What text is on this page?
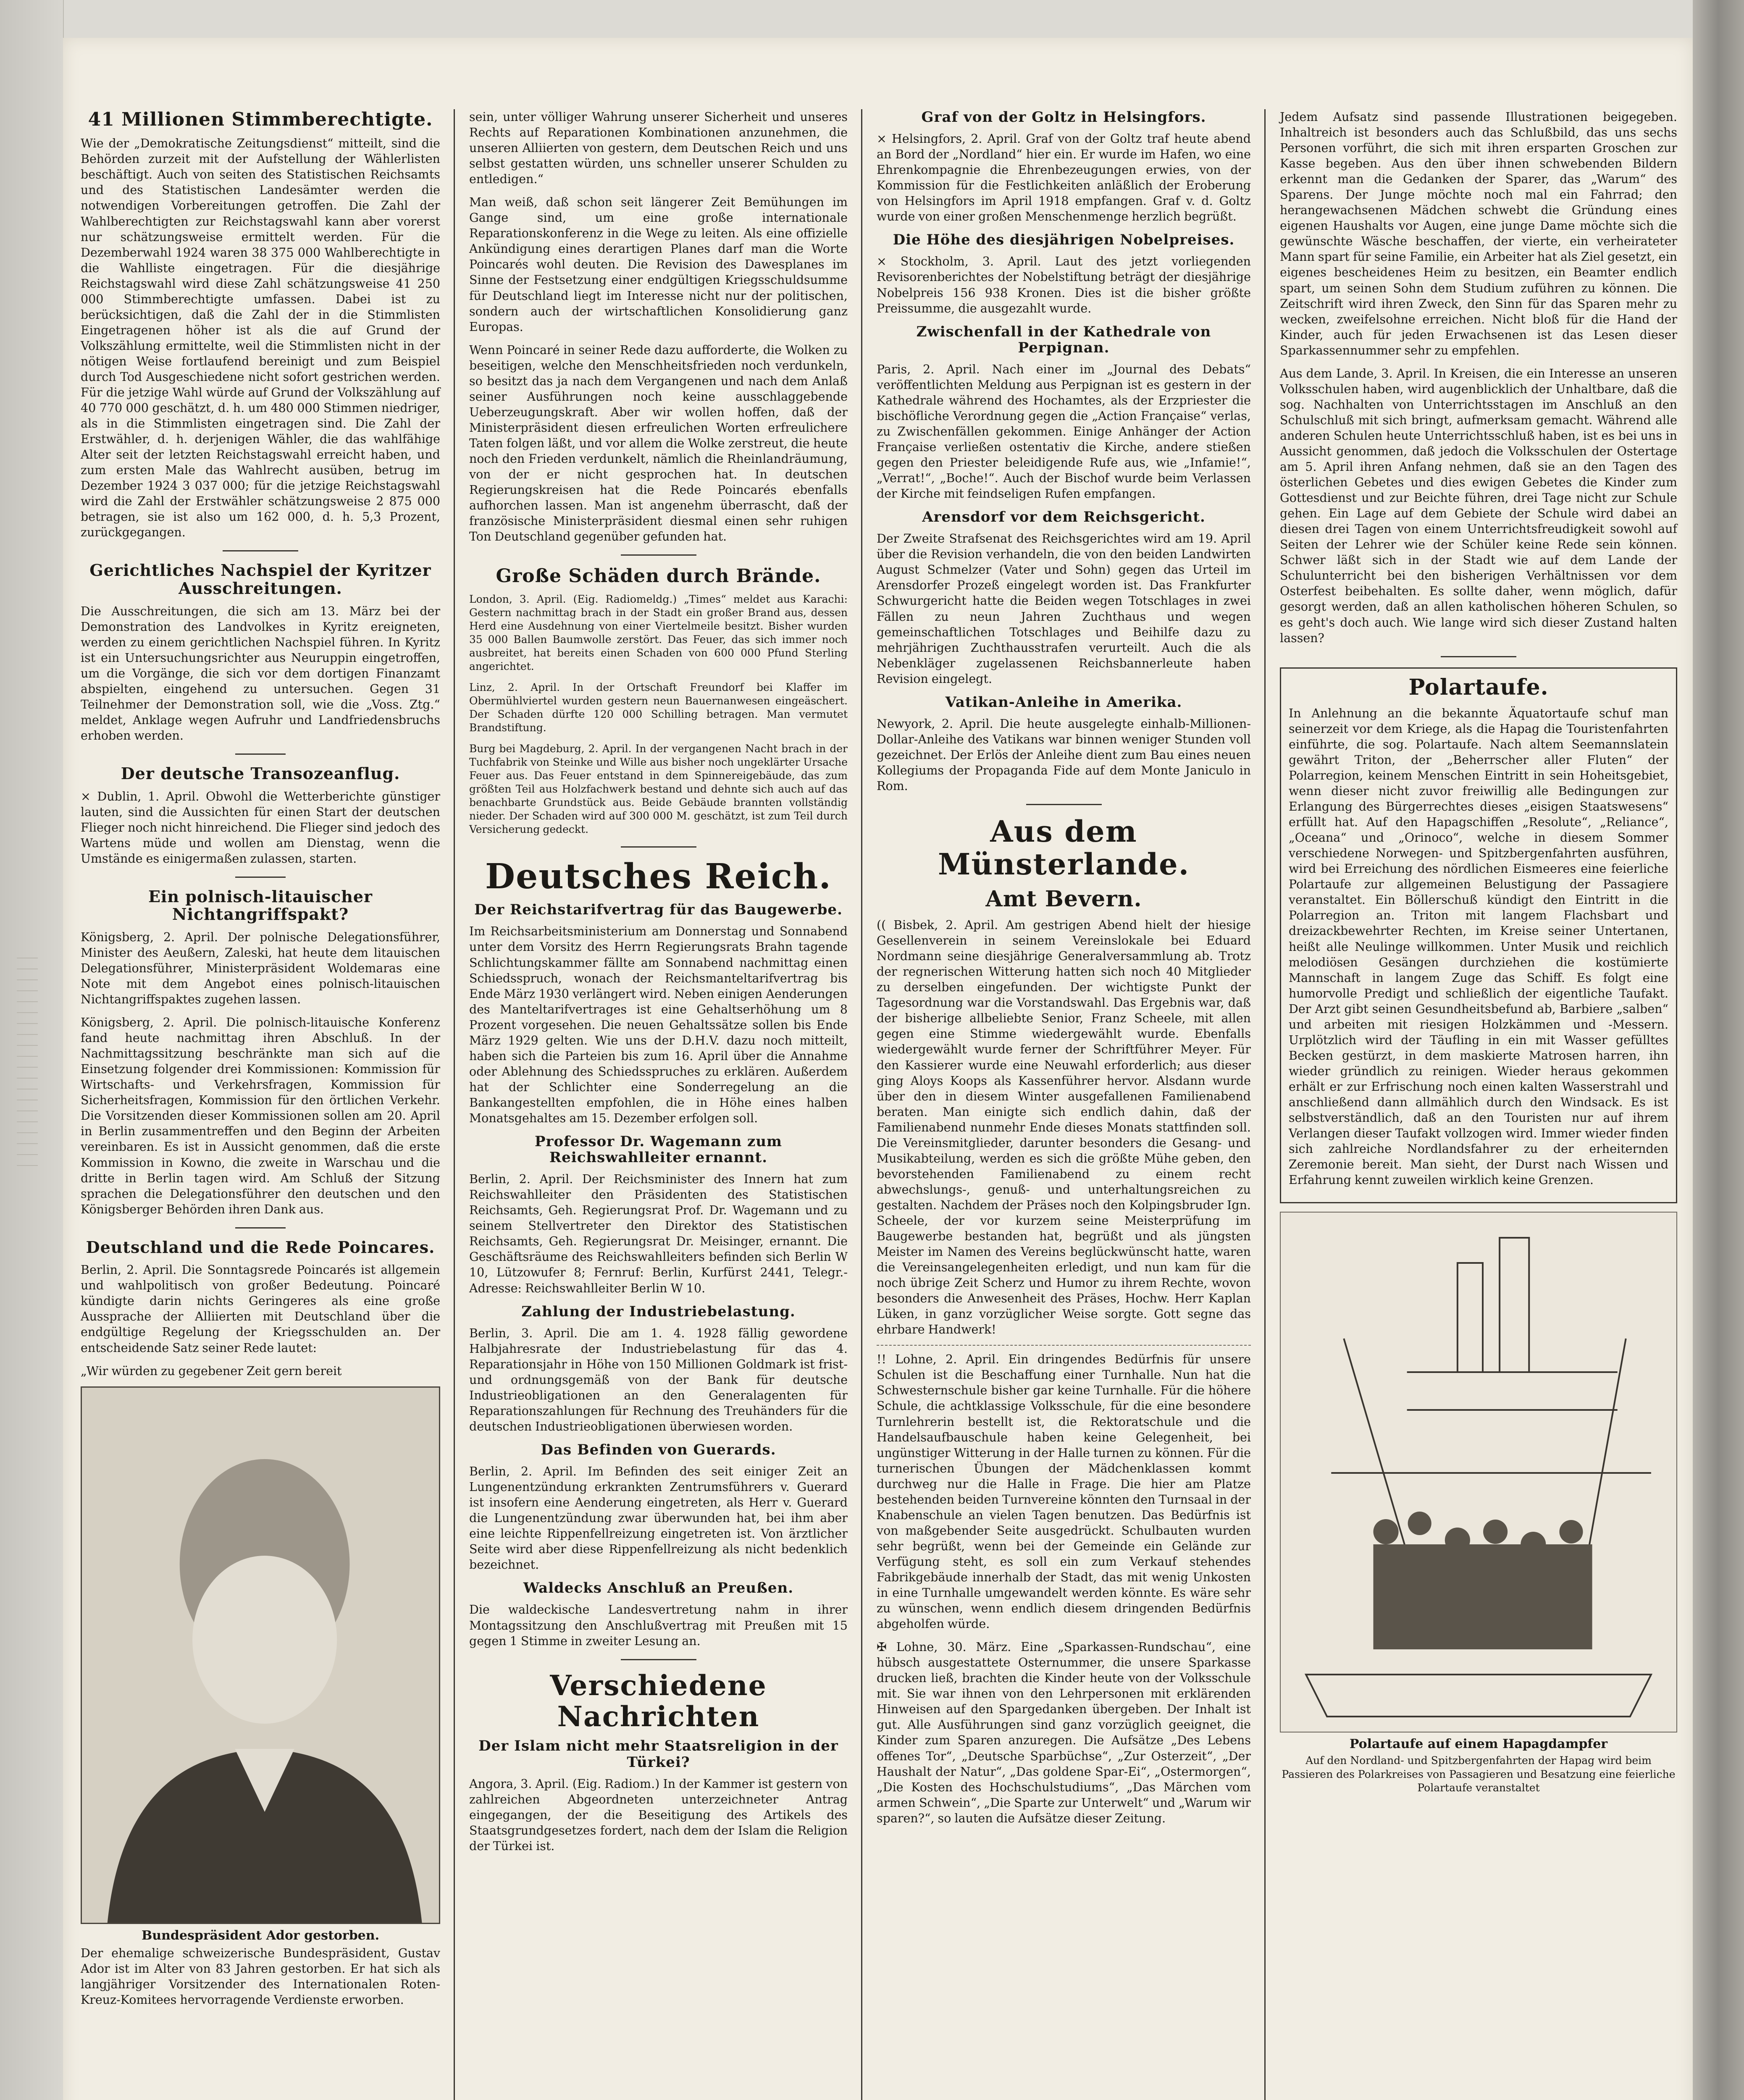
41 Millionen Stimmberechtigte.

Wie der „Demokratische Zeitungsdienst“ mitteilt, sind die Behörden zurzeit mit der Aufstellung der Wählerlisten beschäftigt. Auch von seiten des Statistischen Reichsamts und des Statistischen Landesämter werden die notwendigen Vorbereitungen getroffen. Die Zahl der Wahlberechtigten zur Reichstagswahl kann aber vorerst nur schätzungsweise ermittelt werden. Für die Dezemberwahl 1924 waren 38 375 000 Wahlberechtigte in die Wahlliste eingetragen. Für die diesjährige Reichstagswahl wird diese Zahl schätzungsweise 41 250 000 Stimmberechtigte umfassen. Dabei ist zu berücksichtigen, daß die Zahl der in die Stimmlisten Eingetragenen höher ist als die auf Grund der Volkszählung ermittelte, weil die Stimmlisten nicht in der nötigen Weise fortlaufend bereinigt und zum Beispiel durch Tod Ausgeschiedene nicht sofort gestrichen werden. Für die jetzige Wahl würde auf Grund der Volkszählung auf 40 770 000 geschätzt, d. h. um 480 000 Stimmen niedriger, als in die Stimmlisten eingetragen sind. Die Zahl der Erstwähler, d. h. derjenigen Wähler, die das wahlfähige Alter seit der letzten Reichstagswahl erreicht haben, und zum ersten Male das Wahlrecht ausüben, betrug im Dezember 1924 3 037 000; für die jetzige Reichstagswahl wird die Zahl der Erstwähler schätzungsweise 2 875 000 betragen, sie ist also um 162 000, d. h. 5,3 Prozent, zurückgegangen.

Gerichtliches Nachspiel der Kyritzer Ausschreitungen.

Die Ausschreitungen, die sich am 13. März bei der Demonstration des Landvolkes in Kyritz ereigneten, werden zu einem gerichtlichen Nachspiel führen. In Kyritz ist ein Untersuchungsrichter aus Neuruppin eingetroffen, um die Vorgänge, die sich vor dem dortigen Finanzamt abspielten, eingehend zu untersuchen. Gegen 31 Teilnehmer der Demonstration soll, wie die „Voss. Ztg.“ meldet, Anklage wegen Aufruhr und Landfriedensbruchs erhoben werden.

Der deutsche Transozeanflug.

× Dublin, 1. April. Obwohl die Wetterberichte günstiger lauten, sind die Aussichten für einen Start der deutschen Flieger noch nicht hinreichend. Die Flieger sind jedoch des Wartens müde und wollen am Dienstag, wenn die Umstände es einigermaßen zulassen, starten.

Ein polnisch-litauischer Nichtangriffspakt?

Königsberg, 2. April. Der polnische Delegationsführer, Minister des Aeußern, Zaleski, hat heute dem litauischen Delegationsführer, Ministerpräsident Woldemaras eine Note mit dem Angebot eines polnisch-litauischen Nichtangriffspaktes zugehen lassen.

Königsberg, 2. April. Die polnisch-litauische Konferenz fand heute nachmittag ihren Abschluß. In der Nachmittagssitzung beschränkte man sich auf die Einsetzung folgender drei Kommissionen: Kommission für Wirtschafts- und Verkehrsfragen, Kommission für Sicherheitsfragen, Kommission für den örtlichen Verkehr. Die Vorsitzenden dieser Kommissionen sollen am 20. April in Berlin zusammentreffen und den Beginn der Arbeiten vereinbaren. Es ist in Aussicht genommen, daß die erste Kommission in Kowno, die zweite in Warschau und die dritte in Berlin tagen wird. Am Schluß der Sitzung sprachen die Delegationsführer den deutschen und den Königsberger Behörden ihren Dank aus.

Deutschland und die Rede Poincares.

Berlin, 2. April. Die Sonntagsrede Poincarés ist allgemein und wahlpolitisch von großer Bedeutung. Poincaré kündigte darin nichts Geringeres als eine große Aussprache der Alliierten mit Deutschland über die endgültige Regelung der Kriegsschulden an. Der entscheidende Satz seiner Rede lautet:

„Wir würden zu gegebener Zeit gern bereit

Bundespräsident Ador gestorben.

Der ehemalige schweizerische Bundespräsident, Gustav Ador ist im Alter von 83 Jahren gestorben. Er hat sich als langjähriger Vorsitzender des Internationalen Roten-Kreuz-Komitees hervorragende Verdienste erworben.

sein, unter völliger Wahrung unserer Sicherheit und unseres Rechts auf Reparationen Kombinationen anzunehmen, die unseren Alliierten von gestern, dem Deutschen Reich und uns selbst gestatten würden, uns schneller unserer Schulden zu entledigen.“

Man weiß, daß schon seit längerer Zeit Bemühungen im Gange sind, um eine große internationale Reparationskonferenz in die Wege zu leiten. Als eine offizielle Ankündigung eines derartigen Planes darf man die Worte Poincarés wohl deuten. Die Revision des Dawesplanes im Sinne der Festsetzung einer endgültigen Kriegsschuldsumme für Deutschland liegt im Interesse nicht nur der politischen, sondern auch der wirtschaftlichen Konsolidierung ganz Europas.

Wenn Poincaré in seiner Rede dazu aufforderte, die Wolken zu beseitigen, welche den Menschheitsfrieden noch verdunkeln, so besitzt das ja nach dem Vergangenen und nach dem Anlaß seiner Ausführungen noch keine ausschlaggebende Ueberzeugungskraft. Aber wir wollen hoffen, daß der Ministerpräsident diesen erfreulichen Worten erfreulichere Taten folgen läßt, und vor allem die Wolke zerstreut, die heute noch den Frieden verdunkelt, nämlich die Rheinlandräumung, von der er nicht gesprochen hat. In deutschen Regierungskreisen hat die Rede Poincarés ebenfalls aufhorchen lassen. Man ist angenehm überrascht, daß der französische Ministerpräsident diesmal einen sehr ruhigen Ton Deutschland gegenüber gefunden hat.

Große Schäden durch Brände.

London, 3. April. (Eig. Radiomeldg.) „Times“ meldet aus Karachi: Gestern nachmittag brach in der Stadt ein großer Brand aus, dessen Herd eine Ausdehnung von einer Viertelmeile besitzt. Bisher wurden 35 000 Ballen Baumwolle zerstört. Das Feuer, das sich immer noch ausbreitet, hat bereits einen Schaden von 600 000 Pfund Sterling angerichtet.

Linz, 2. April. In der Ortschaft Freundorf bei Klaffer im Obermühlviertel wurden gestern neun Bauernanwesen eingeäschert. Der Schaden dürfte 120 000 Schilling betragen. Man vermutet Brandstiftung.

Burg bei Magdeburg, 2. April. In der vergangenen Nacht brach in der Tuchfabrik von Steinke und Wille aus bisher noch ungeklärter Ursache Feuer aus. Das Feuer entstand in dem Spinnereigebäude, das zum größten Teil aus Holzfachwerk bestand und dehnte sich auch auf das benachbarte Grundstück aus. Beide Gebäude brannten vollständig nieder. Der Schaden wird auf 300 000 M. geschätzt, ist zum Teil durch Versicherung gedeckt.

Deutsches Reich.
Der Reichstarifvertrag für das Baugewerbe.

Im Reichsarbeitsministerium am Donnerstag und Sonnabend unter dem Vorsitz des Herrn Regierungsrats Brahn tagende Schlichtungskammer fällte am Sonnabend nachmittag einen Schiedsspruch, wonach der Reichsmanteltarifvertrag bis Ende März 1930 verlängert wird. Neben einigen Aenderungen des Manteltarifvertrages ist eine Gehaltserhöhung um 8 Prozent vorgesehen. Die neuen Gehaltssätze sollen bis Ende März 1929 gelten. Wie uns der D.H.V. dazu noch mitteilt, haben sich die Parteien bis zum 16. April über die Annahme oder Ablehnung des Schiedsspruches zu erklären. Außerdem hat der Schlichter eine Sonderregelung an die Bankangestellten empfohlen, die in Höhe eines halben Monatsgehaltes am 15. Dezember erfolgen soll.

Professor Dr. Wagemann zum Reichswahlleiter ernannt.

Berlin, 2. April. Der Reichsminister des Innern hat zum Reichswahlleiter den Präsidenten des Statistischen Reichsamts, Geh. Regierungsrat Prof. Dr. Wagemann und zu seinem Stellvertreter den Direktor des Statistischen Reichsamts, Geh. Regierungsrat Dr. Meisinger, ernannt. Die Geschäftsräume des Reichswahlleiters befinden sich Berlin W 10, Lützowufer 8; Fernruf: Berlin, Kurfürst 2441, Telegr.-Adresse: Reichswahlleiter Berlin W 10.

Zahlung der Industriebelastung.

Berlin, 3. April. Die am 1. 4. 1928 fällig gewordene Halbjahresrate der Industriebelastung für das 4. Reparationsjahr in Höhe von 150 Millionen Goldmark ist frist- und ordnungsgemäß von der Bank für deutsche Industrieobligationen an den Generalagenten für Reparationszahlungen für Rechnung des Treuhänders für die deutschen Industrieobligationen überwiesen worden.

Das Befinden von Guerards.

Berlin, 2. April. Im Befinden des seit einiger Zeit an Lungenentzündung erkrankten Zentrumsführers v. Guerard ist insofern eine Aenderung eingetreten, als Herr v. Guerard die Lungenentzündung zwar überwunden hat, bei ihm aber eine leichte Rippenfellreizung eingetreten ist. Von ärztlicher Seite wird aber diese Rippenfellreizung als nicht bedenklich bezeichnet.

Waldecks Anschluß an Preußen.

Die waldeckische Landesvertretung nahm in ihrer Montagssitzung den Anschlußvertrag mit Preußen mit 15 gegen 1 Stimme in zweiter Lesung an.

Verschiedene Nachrichten
Der Islam nicht mehr Staatsreligion in der Türkei?

Angora, 3. April. (Eig. Radiom.) In der Kammer ist gestern von zahlreichen Abgeordneten unterzeichneter Antrag eingegangen, der die Beseitigung des Artikels des Staatsgrundgesetzes fordert, nach dem der Islam die Religion der Türkei ist.

Graf von der Goltz in Helsingfors.

× Helsingfors, 2. April. Graf von der Goltz traf heute abend an Bord der „Nordland“ hier ein. Er wurde im Hafen, wo eine Ehrenkompagnie die Ehrenbezeugungen erwies, von der Kommission für die Festlichkeiten anläßlich der Eroberung von Helsingfors im April 1918 empfangen. Graf v. d. Goltz wurde von einer großen Menschenmenge herzlich begrüßt.

Die Höhe des diesjährigen Nobelpreises.

× Stockholm, 3. April. Laut des jetzt vorliegenden Revisorenberichtes der Nobelstiftung beträgt der diesjährige Nobelpreis 156 938 Kronen. Dies ist die bisher größte Preissumme, die ausgezahlt wurde.

Zwischenfall in der Kathedrale von Perpignan.

Paris, 2. April. Nach einer im „Journal des Debats“ veröffentlichten Meldung aus Perpignan ist es gestern in der Kathedrale während des Hochamtes, als der Erzpriester die bischöfliche Verordnung gegen die „Action Française“ verlas, zu Zwischenfällen gekommen. Einige Anhänger der Action Française verließen ostentativ die Kirche, andere stießen gegen den Priester beleidigende Rufe aus, wie „Infamie!“, „Verrat!“, „Boche!“. Auch der Bischof wurde beim Verlassen der Kirche mit feindseligen Rufen empfangen.

Arensdorf vor dem Reichsgericht.

Der Zweite Strafsenat des Reichsgerichtes wird am 19. April über die Revision verhandeln, die von den beiden Landwirten August Schmelzer (Vater und Sohn) gegen das Urteil im Arensdorfer Prozeß eingelegt worden ist. Das Frankfurter Schwurgericht hatte die Beiden wegen Totschlages in zwei Fällen zu neun Jahren Zuchthaus und wegen gemeinschaftlichen Totschlages und Beihilfe dazu zu mehrjährigen Zuchthausstrafen verurteilt. Auch die als Nebenkläger zugelassenen Reichsbannerleute haben Revision eingelegt.

Vatikan-Anleihe in Amerika.

Newyork, 2. April. Die heute ausgelegte einhalb-Millionen-Dollar-Anleihe des Vatikans war binnen weniger Stunden voll gezeichnet. Der Erlös der Anleihe dient zum Bau eines neuen Kollegiums der Propaganda Fide auf dem Monte Janiculo in Rom.

Aus dem Münsterlande.
Amt Bevern.

(( Bisbek, 2. April. Am gestrigen Abend hielt der hiesige Gesellenverein in seinem Vereinslokale bei Eduard Nordmann seine diesjährige Generalversammlung ab. Trotz der regnerischen Witterung hatten sich noch 40 Mitglieder zu derselben eingefunden. Der wichtigste Punkt der Tagesordnung war die Vorstandswahl. Das Ergebnis war, daß der bisherige allbeliebte Senior, Franz Scheele, mit allen gegen eine Stimme wiedergewählt wurde. Ebenfalls wiedergewählt wurde ferner der Schriftführer Meyer. Für den Kassierer wurde eine Neuwahl erforderlich; aus dieser ging Aloys Koops als Kassenführer hervor. Alsdann wurde über den in diesem Winter ausgefallenen Familienabend beraten. Man einigte sich endlich dahin, daß der Familienabend nunmehr Ende dieses Monats stattfinden soll. Die Vereinsmitglieder, darunter besonders die Gesang- und Musikabteilung, werden es sich die größte Mühe geben, den bevorstehenden Familienabend zu einem recht abwechslungs-, genuß- und unterhaltungsreichen zu gestalten. Nachdem der Präses noch den Kolpingsbruder Ign. Scheele, der vor kurzem seine Meisterprüfung im Baugewerbe bestanden hat, begrüßt und als jüngsten Meister im Namen des Vereins beglückwünscht hatte, waren die Vereinsangelegenheiten erledigt, und nun kam für die noch übrige Zeit Scherz und Humor zu ihrem Rechte, wovon besonders die Anwesenheit des Präses, Hochw. Herr Kaplan Lüken, in ganz vorzüglicher Weise sorgte. Gott segne das ehrbare Handwerk!

!! Lohne, 2. April. Ein dringendes Bedürfnis für unsere Schulen ist die Beschaffung einer Turnhalle. Nun hat die Schwesternschule bisher gar keine Turnhalle. Für die höhere Schule, die achtklassige Volksschule, für die eine besondere Turnlehrerin bestellt ist, die Rektoratschule und die Handelsaufbauschule haben keine Gelegenheit, bei ungünstiger Witterung in der Halle turnen zu können. Für die turnerischen Übungen der Mädchenklassen kommt durchweg nur die Halle in Frage. Die hier am Platze bestehenden beiden Turnvereine könnten den Turnsaal in der Knabenschule an vielen Tagen benutzen. Das Bedürfnis ist von maßgebender Seite ausgedrückt. Schulbauten wurden sehr begrüßt, wenn bei der Gemeinde ein Gelände zur Verfügung steht, es soll ein zum Verkauf stehendes Fabrikgebäude innerhalb der Stadt, das mit wenig Unkosten in eine Turnhalle umgewandelt werden könnte. Es wäre sehr zu wünschen, wenn endlich diesem dringenden Bedürfnis abgeholfen würde.

✠ Lohne, 30. März. Eine „Sparkassen-Rundschau“, eine hübsch ausgestattete Osternummer, die unsere Sparkasse drucken ließ, brachten die Kinder heute von der Volksschule mit. Sie war ihnen von den Lehrpersonen mit erklärenden Hinweisen auf den Spargedanken übergeben. Der Inhalt ist gut. Alle Ausführungen sind ganz vorzüglich geeignet, die Kinder zum Sparen anzuregen. Die Aufsätze „Des Lebens offenes Tor“, „Deutsche Sparbüchse“, „Zur Osterzeit“, „Der Haushalt der Natur“, „Das goldene Spar-Ei“, „Ostermorgen“, „Die Kosten des Hochschulstudiums“, „Das Märchen vom armen Schwein“, „Die Sparte zur Unterwelt“ und „Warum wir sparen?“, so lauten die Aufsätze dieser Zeitung.

Jedem Aufsatz sind passende Illustrationen beigegeben. Inhaltreich ist besonders auch das Schlußbild, das uns sechs Personen vorführt, die sich mit ihren ersparten Groschen zur Kasse begeben. Aus den über ihnen schwebenden Bildern erkennt man die Gedanken der Sparer, das „Warum“ des Sparens. Der Junge möchte noch mal ein Fahrrad; den herangewachsenen Mädchen schwebt die Gründung eines eigenen Haushalts vor Augen, eine junge Dame möchte sich die gewünschte Wäsche beschaffen, der vierte, ein verheirateter Mann spart für seine Familie, ein Arbeiter hat als Ziel gesetzt, ein eigenes bescheidenes Heim zu besitzen, ein Beamter endlich spart, um seinen Sohn dem Studium zuführen zu können. Die Zeitschrift wird ihren Zweck, den Sinn für das Sparen mehr zu wecken, zweifelsohne erreichen. Nicht bloß für die Hand der Kinder, auch für jeden Erwachsenen ist das Lesen dieser Sparkassennummer sehr zu empfehlen.

Aus dem Lande, 3. April. In Kreisen, die ein Interesse an unseren Volksschulen haben, wird augenblicklich der Unhaltbare, daß die sog. Nachhalten von Unterrichtsstagen im Anschluß an den Schulschluß mit sich bringt, aufmerksam gemacht. Während alle anderen Schulen heute Unterrichtsschluß haben, ist es bei uns in Aussicht genommen, daß jedoch die Volksschulen der Ostertage am 5. April ihren Anfang nehmen, daß sie an den Tagen des österlichen Gebetes und dies ewigen Gebetes die Kinder zum Gottesdienst und zur Beichte führen, drei Tage nicht zur Schule gehen. Ein Lage auf dem Gebiete der Schule wird dabei an diesen drei Tagen von einem Unterrichtsfreudigkeit sowohl auf Seiten der Lehrer wie der Schüler keine Rede sein können. Schwer läßt sich in der Stadt wie auf dem Lande der Schulunterricht bei den bisherigen Verhältnissen vor dem Osterfest beibehalten. Es sollte daher, wenn möglich, dafür gesorgt werden, daß an allen katholischen höheren Schulen, so es geht's doch auch. Wie lange wird sich dieser Zustand halten lassen?

Polartaufe.

In Anlehnung an die bekannte Äquatortaufe schuf man seinerzeit vor dem Kriege, als die Hapag die Touristenfahrten einführte, die sog. Polartaufe. Nach altem Seemannslatein gewährt Triton, der „Beherrscher aller Fluten“ der Polarregion, keinem Menschen Eintritt in sein Hoheitsgebiet, wenn dieser nicht zuvor freiwillig alle Bedingungen zur Erlangung des Bürgerrechtes dieses „eisigen Staatswesens“ erfüllt hat. Auf den Hapagschiffen „Resolute“, „Reliance“, „Oceana“ und „Orinoco“, welche in diesem Sommer verschiedene Norwegen- und Spitzbergenfahrten ausführen, wird bei Erreichung des nördlichen Eismeeres eine feierliche Polartaufe zur allgemeinen Belustigung der Passagiere veranstaltet. Ein Böllerschuß kündigt den Eintritt in die Polarregion an. Triton mit langem Flachsbart und dreizackbewehrter Rechten, im Kreise seiner Untertanen, heißt alle Neulinge willkommen. Unter Musik und reichlich melodiösen Gesängen durchziehen die kostümierte Mannschaft in langem Zuge das Schiff. Es folgt eine humorvolle Predigt und schließlich der eigentliche Taufakt. Der Arzt gibt seinen Gesundheitsbefund ab, Barbiere „salben“ und arbeiten mit riesigen Holzkämmen und -Messern. Urplötzlich wird der Täufling in ein mit Wasser gefülltes Becken gestürzt, in dem maskierte Matrosen harren, ihn wieder gründlich zu reinigen. Wieder heraus gekommen erhält er zur Erfrischung noch einen kalten Wasserstrahl und anschließend dann allmählich durch den Windsack. Es ist selbstverständlich, daß an den Touristen nur auf ihrem Verlangen dieser Taufakt vollzogen wird. Immer wieder finden sich zahlreiche Nordlandsfahrer zu der erheiternden Zeremonie bereit. Man sieht, der Durst nach Wissen und Erfahrung kennt zuweilen wirklich keine Grenzen.

Polartaufe auf einem Hapagdampfer

Auf den Nordland- und Spitzbergenfahrten der Hapag wird beim Passieren des Polarkreises von Passagieren und Besatzung eine feierliche Polartaufe veranstaltet
